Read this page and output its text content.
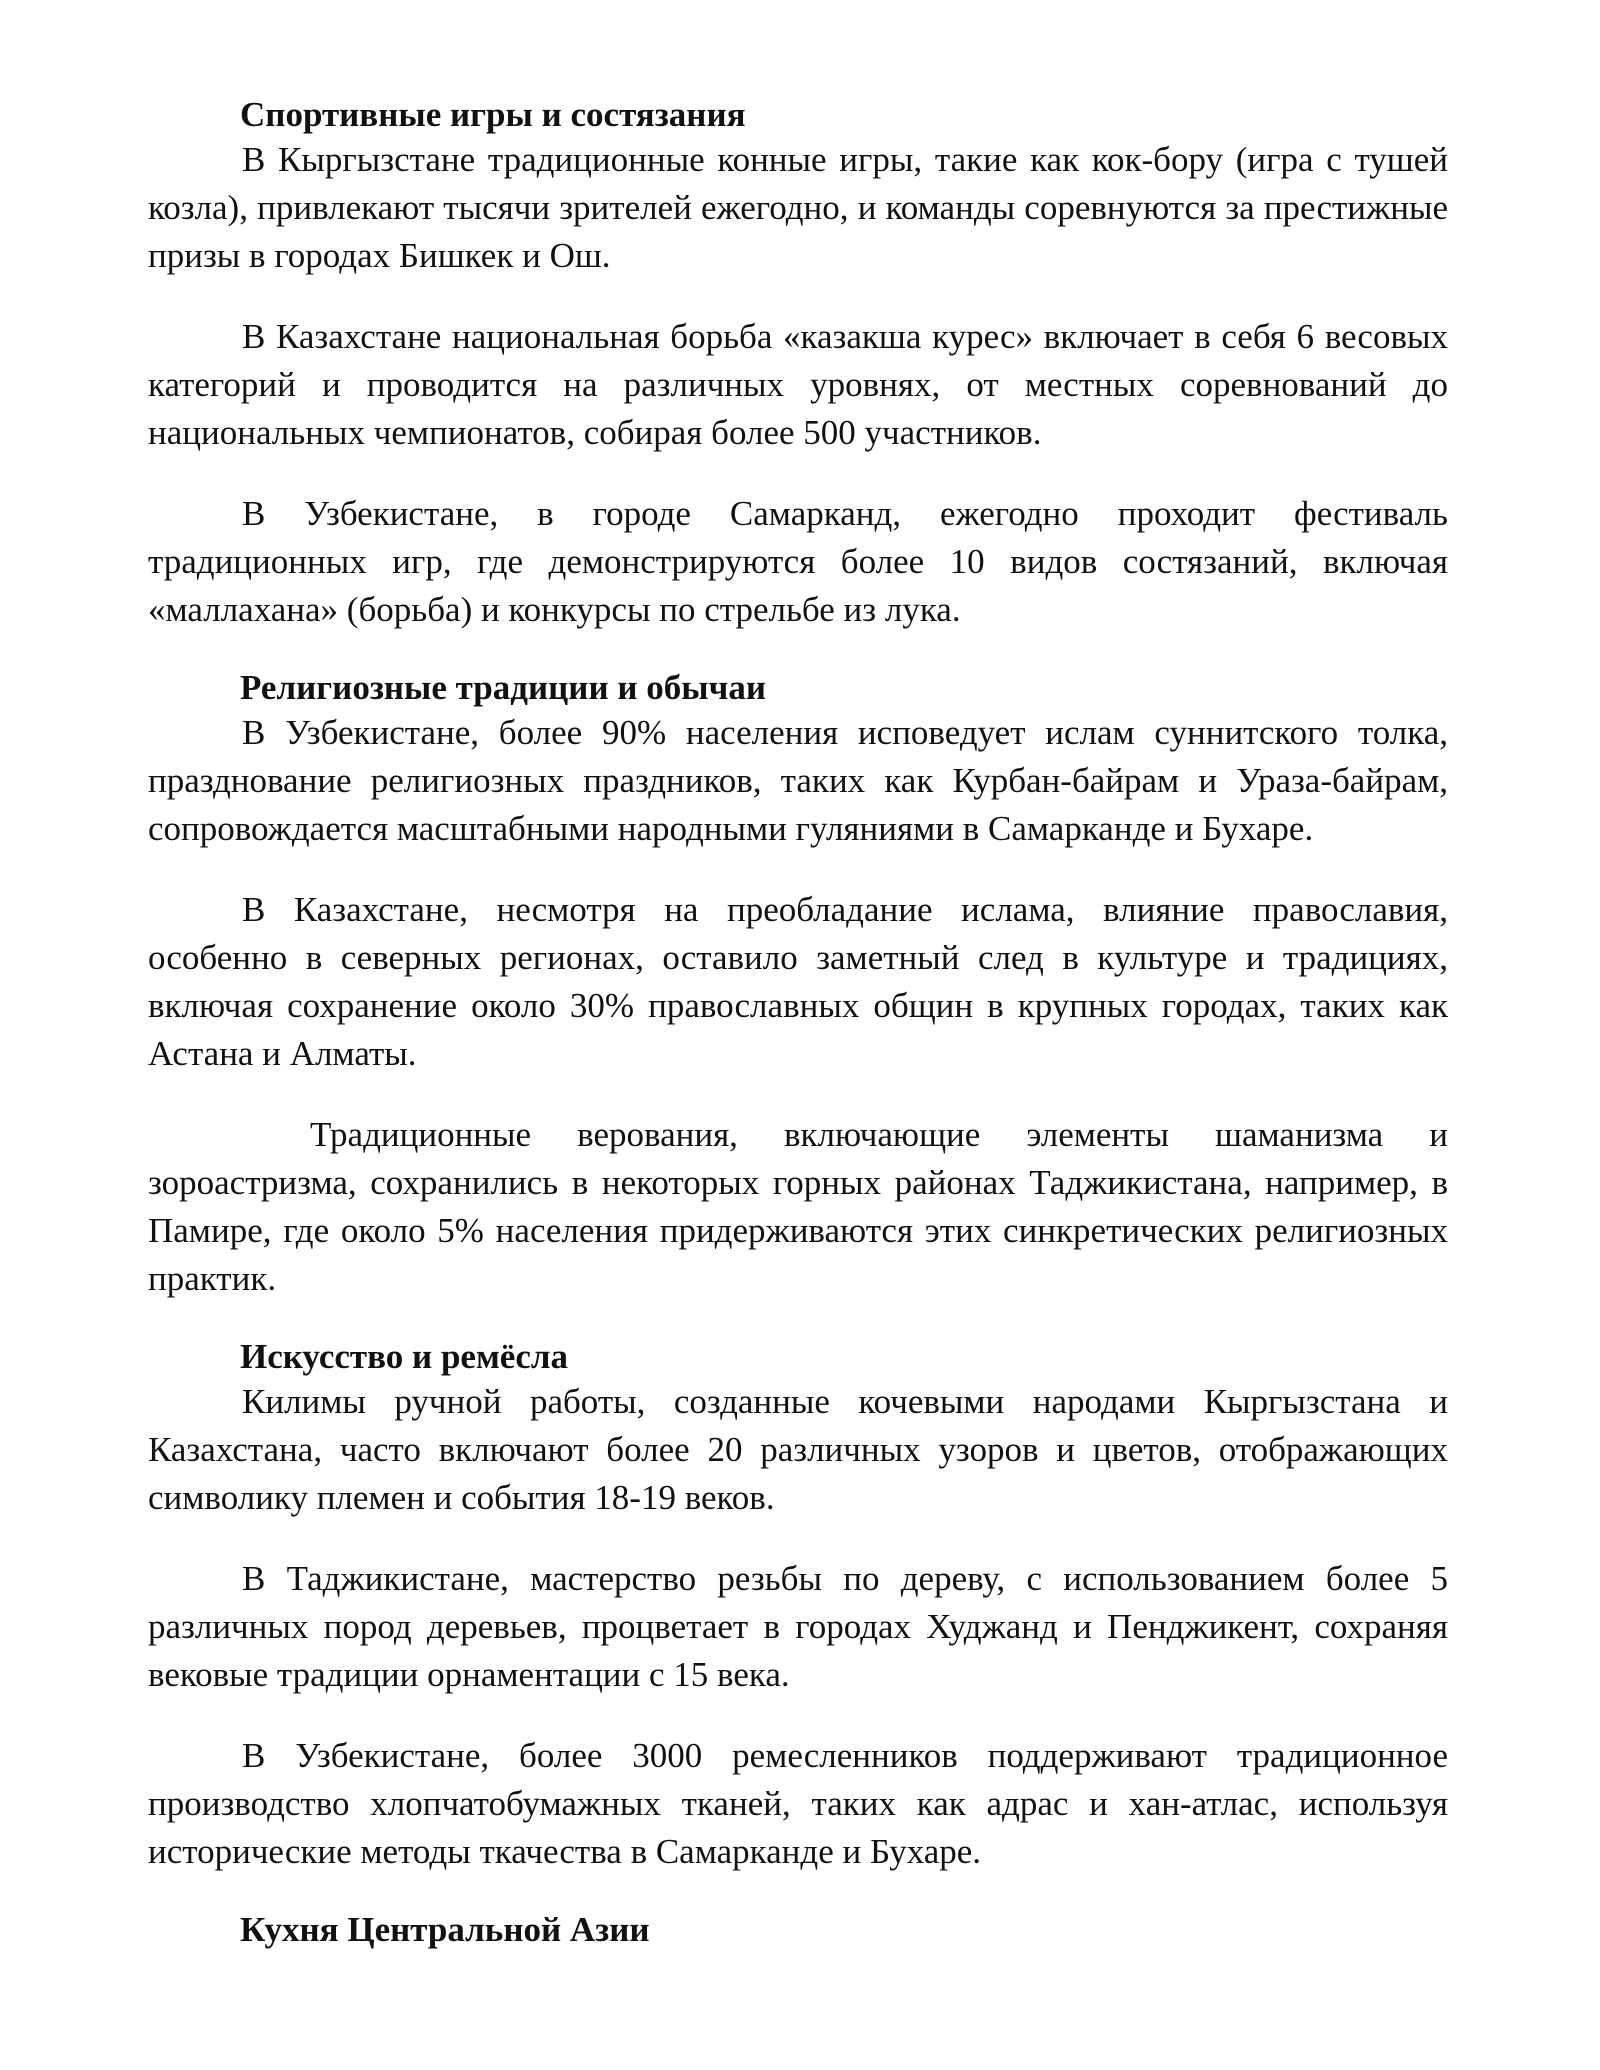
Спортивные игры и состязания

В Кыргызстане традиционные конные игры, такие как кок-бору (игра с тушей козла), привлекают тысячи зрителей ежегодно, и команды соревнуются за престижные призы в городах Бишкек и Ош.

В Казахстане национальная борьба «казакша курес» включает в себя 6 весовых категорий и проводится на различных уровнях, от местных соревнований до национальных чемпионатов, собирая более 500 участников.

В Узбекистане, в городе Самарканд, ежегодно проходит фестиваль традиционных игр, где демонстрируются более 10 видов состязаний, включая «маллахана» (борьба) и конкурсы по стрельбе из лука.

Религиозные традиции и обычаи

В Узбекистане, более 90% населения исповедует ислам суннитского толка, празднование религиозных праздников, таких как Курбан-байрам и Ураза-байрам, сопровождается масштабными народными гуляниями в Самарканде и Бухаре.

В Казахстане, несмотря на преобладание ислама, влияние православия, особенно в северных регионах, оставило заметный след в культуре и традициях, включая сохранение около 30% православных общин в крупных городах, таких как Астана и Алматы.

Традиционные верования, включающие элементы шаманизма и зороастризма, сохранились в некоторых горных районах Таджикистана, например, в Памире, где около 5% населения придерживаются этих синкретических религиозных практик.

Искусство и ремёсла

Килимы ручной работы, созданные кочевыми народами Кыргызстана и Казахстана, часто включают более 20 различных узоров и цветов, отображающих символику племен и события 18-19 веков.

В Таджикистане, мастерство резьбы по дереву, с использованием более 5 различных пород деревьев, процветает в городах Худжанд и Пенджикент, сохраняя вековые традиции орнаментации с 15 века.

В Узбекистане, более 3000 ремесленников поддерживают традиционное производство хлопчатобумажных тканей, таких как адрас и хан-атлас, используя исторические методы ткачества в Самарканде и Бухаре.

Кухня Центральной Азии
